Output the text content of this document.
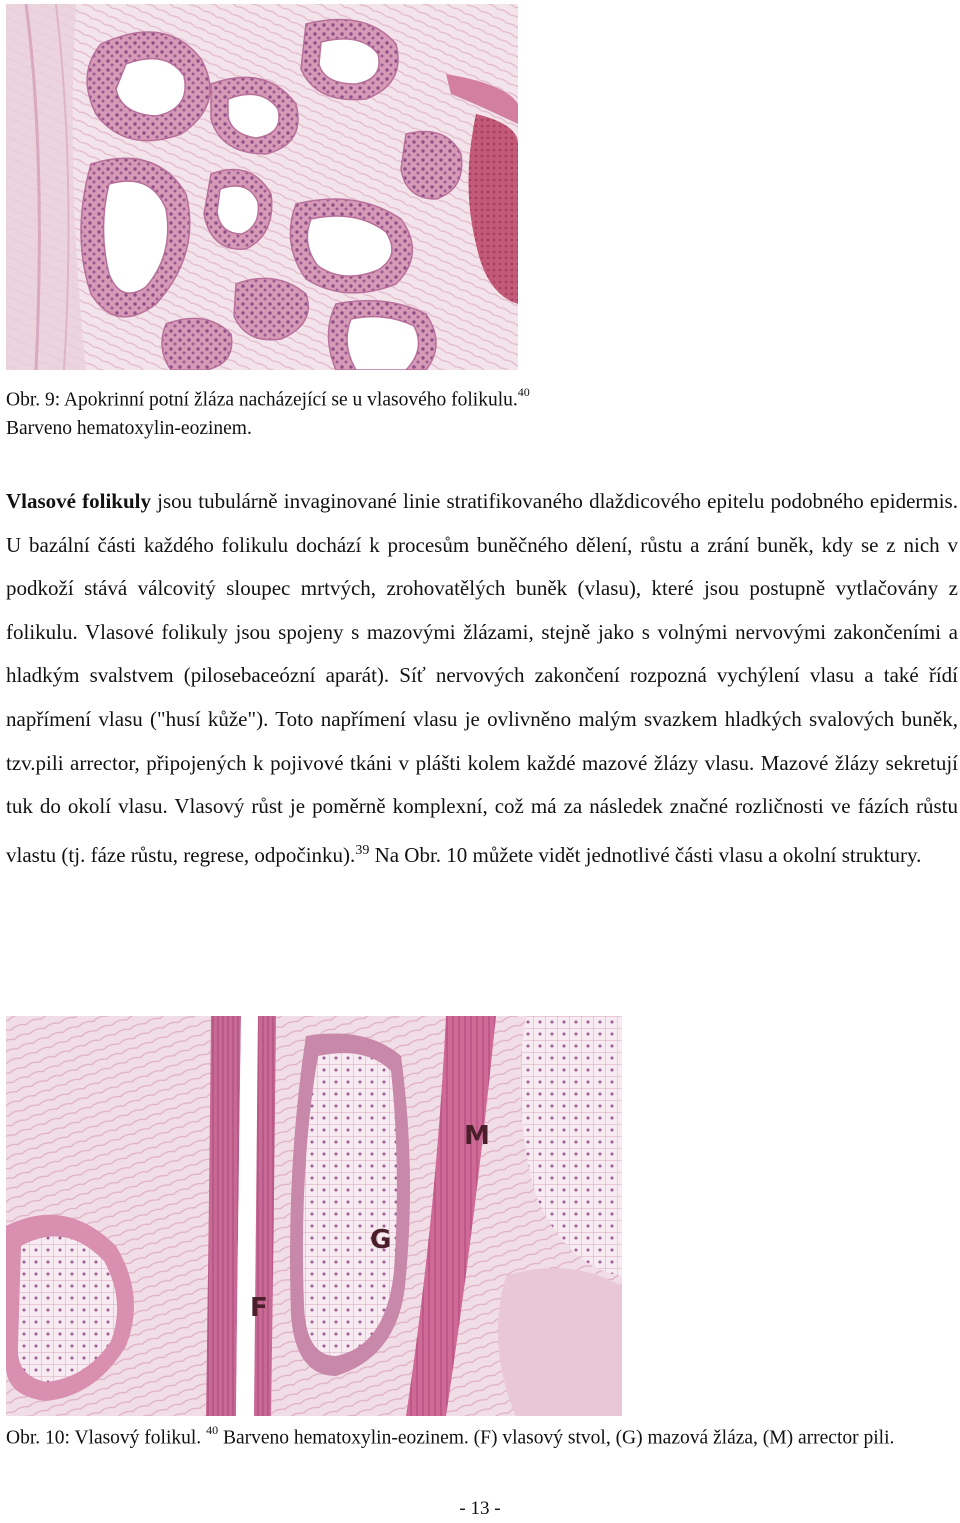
Obr. 9: Apokrinní potní žláza nacházející se u vlasového folikulu.$^{40}$
Barveno hematoxylin-eozinem.
Vlasové folikuly jsou tubulárně invaginované linie stratifikovaného dlaždicového epitelu podobného epidermis. U bazální části každého folikulu dochází k procesům buněčného dělení, růstu a zrání buněk, kdy se z nich v podkoží stává válcovitý sloupec mrtvých, zrohovatělých buněk (vlasu), které jsou postupně vytlačovány z folikulu. Vlasové folikuly jsou spojeny s mazovými žlázami, stejně jako s volnými nervovými zakončeními a hladkým svalstvem (pilosebaceózní aparát). Síť nervových zakončení rozpozná vychýlení vlasu a také řídí napřímení vlasu ("husí kůže"). Toto napřímení vlasu je ovlivněno malým svazkem hladkých svalových buněk, tzv.pili arrector, připojených k pojivové tkáni v plášti kolem každé mazové žlázy vlasu. Mazové žlázy sekretují tuk do okolí vlasu. Vlasový růst je poměrně komplexní, což má za následek značné rozličnosti ve fázích růstu vlastu (tj. fáze růstu, regrese, odpočinku).$^{39}$ Na Obr. 10 můžete vidět jednotlivé části vlasu a okolní struktury.
M
G
F
Obr. 10: Vlasový folikul. $^{40}$ Barveno hematoxylin-eozinem. (F) vlasový stvol, (G) mazová žláza, (M) arrector pili.
- 13 -
